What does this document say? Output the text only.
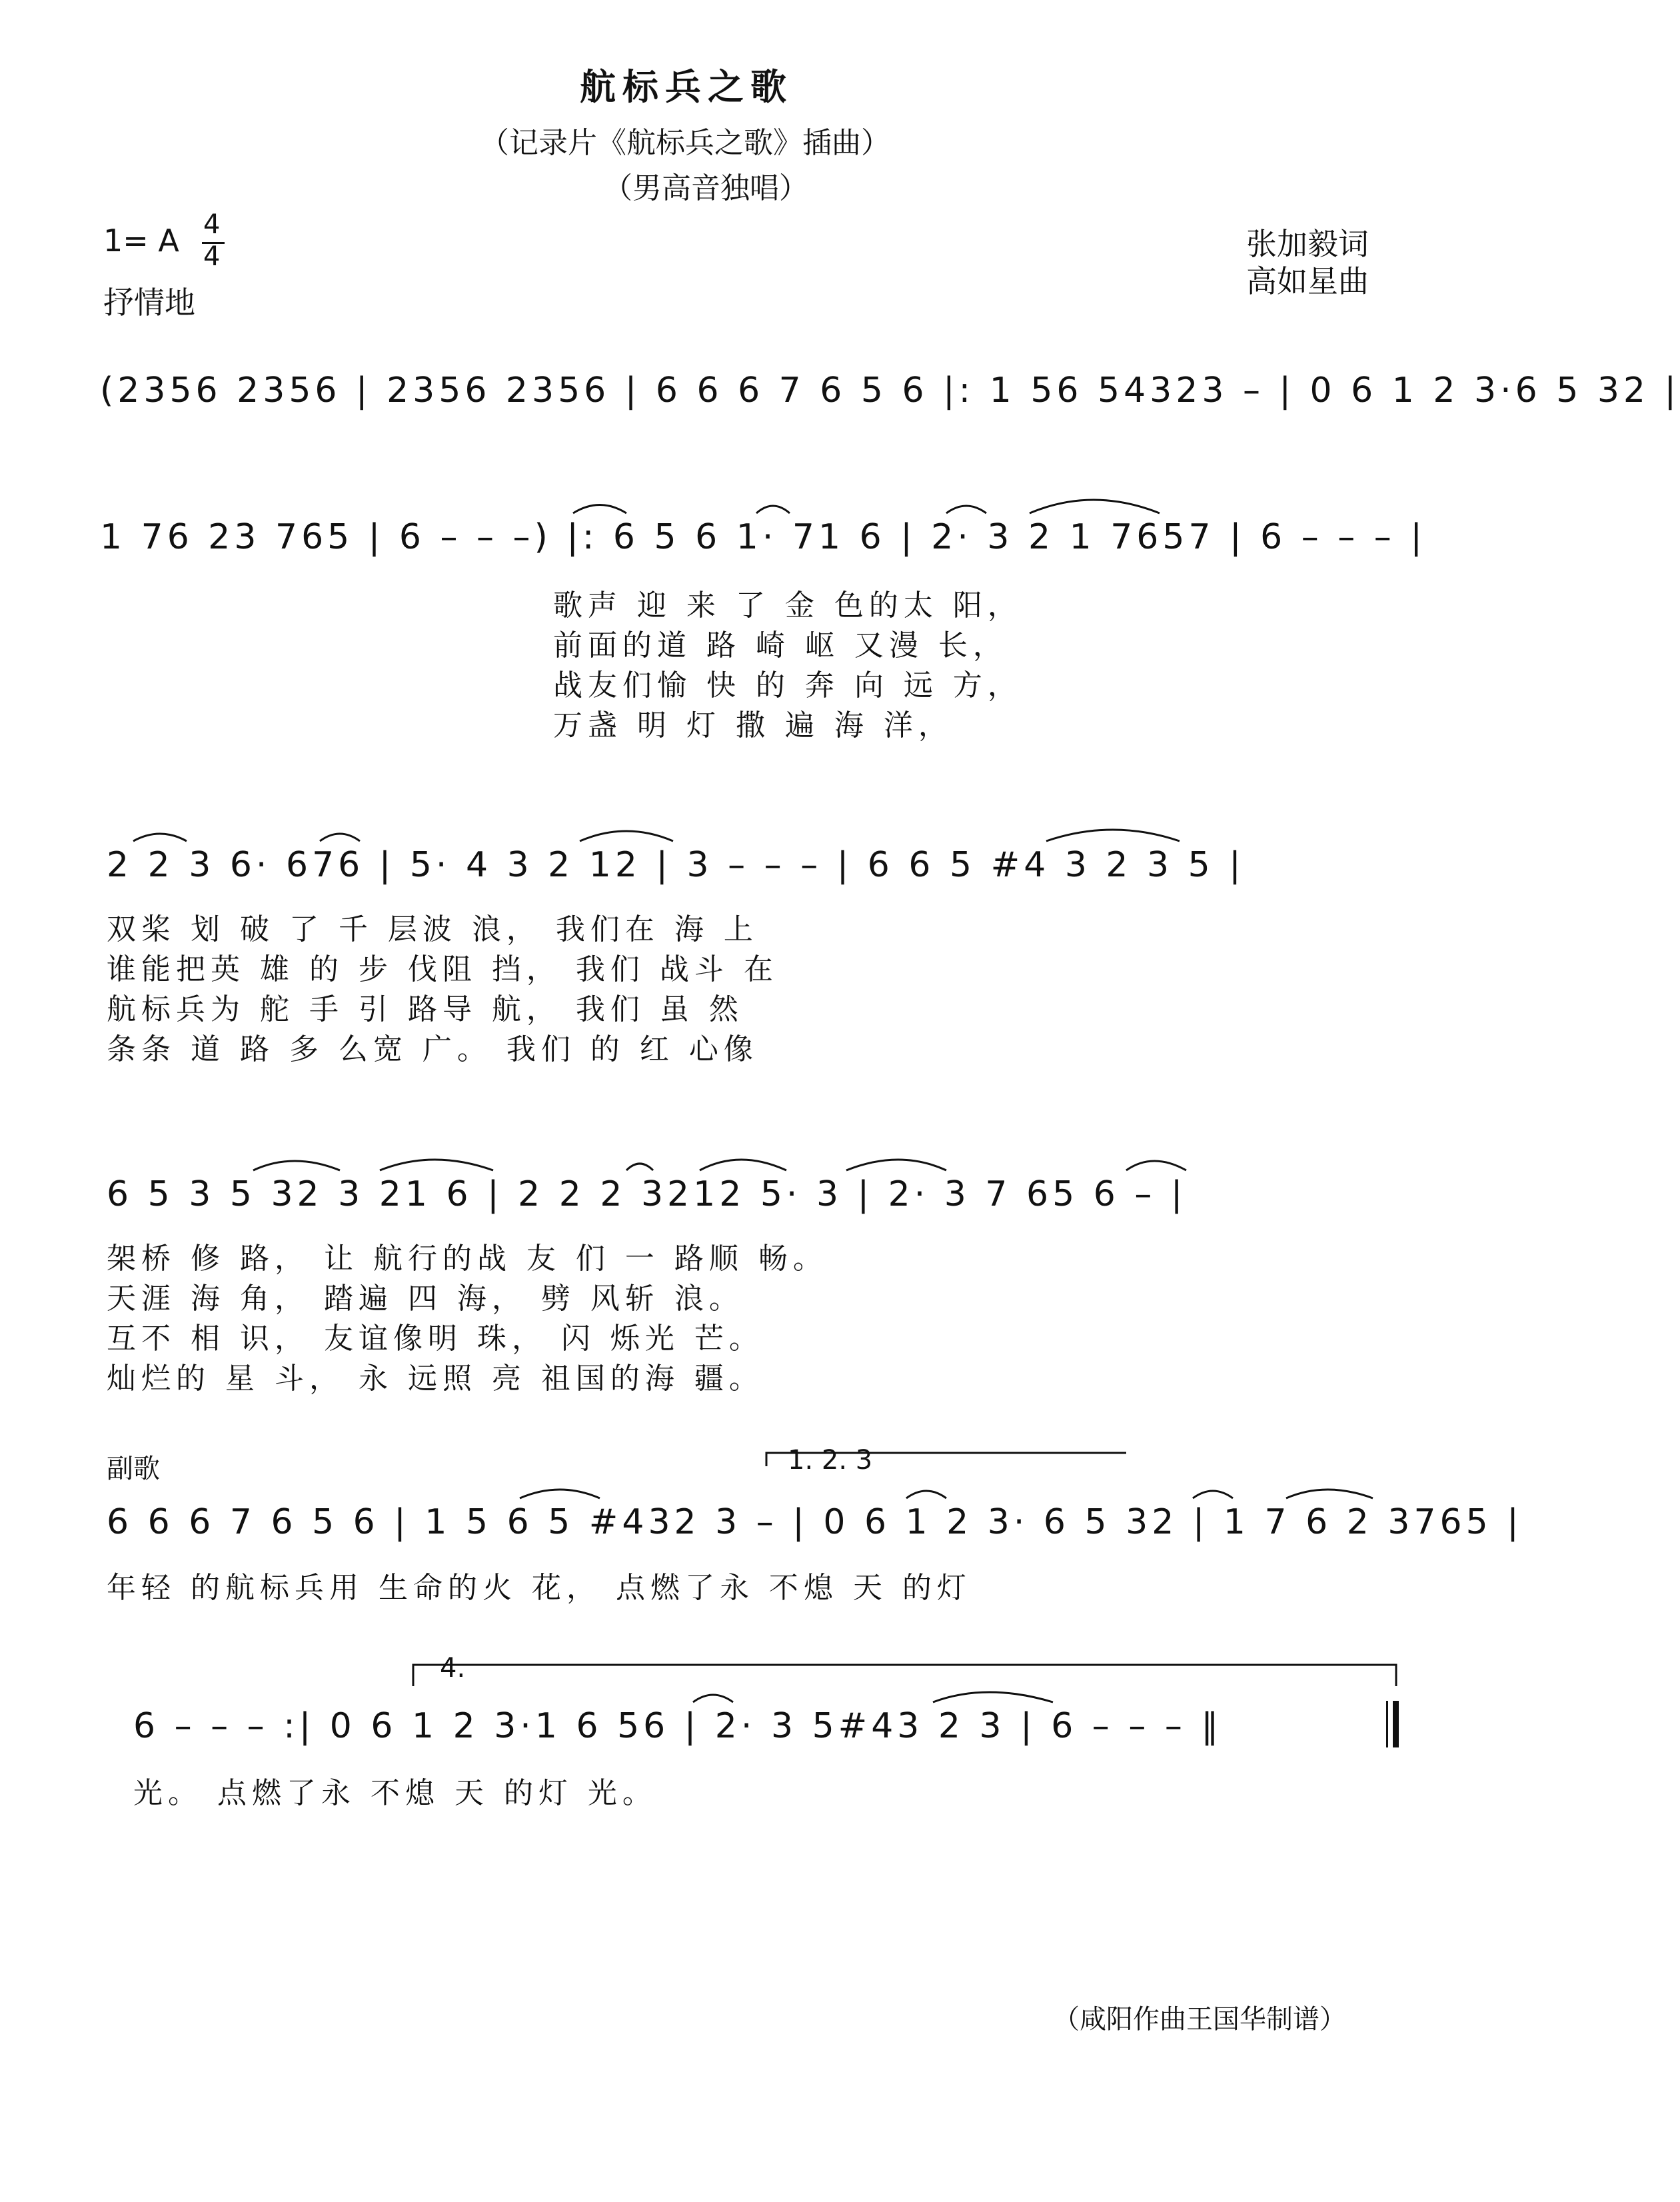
航标兵之歌
（记录片《航标兵之歌》插曲）
（男高音独唱）
1= A 4
4
抒情地
张加毅词
高如星曲
(2356 2356 | 2356 2356 | 6 6 6 7 6 5 6 |: 1 56 54323 – | 0 6 1 2 3·6 5 32 |
1 76 23 765 | 6 – – –) |: 6 5 6 1· 71 6 | 2· 3 2 1 7657 | 6 – – – |
歌声 迎 来 了 金 色的太 阳，
前面的道 路 崎 岖 又漫 长，
战友们愉 快 的 奔 向 远 方，
万盏 明 灯 撒 遍 海 洋，
2 2 3 6· 676 | 5· 4 3 2 12 | 3 – – – | 6 6 5 #4 3 2 3 5 |
双桨 划 破 了 千 层波 浪， 我们在 海 上
谁能把英 雄 的 步 伐阻 挡， 我们 战斗 在
航标兵为 舵 手 引 路导 航， 我们 虽 然
条条 道 路 多 么宽 广。 我们 的 红 心像
6 5 3 5 32 3 21 6 | 2 2 2 3212 5· 3 | 2· 3 7 65 6 – |
架桥 修 路， 让 航行的战 友 们 一 路顺 畅。
天涯 海 角， 踏遍 四 海， 劈 风斩 浪。
互不 相 识， 友谊像明 珠， 闪 烁光 芒。
灿烂的 星 斗， 永 远照 亮 祖国的海 疆。
副歌	1. 2. 3
6 6 6 7 6 5 6 | 1 5 6 5 #432 3 – | 0 6 1 2 3· 6 5 32 | 1 7 6 2 3765 |
年轻 的航标兵用 生命的火 花， 点燃了永 不熄 天 的灯
4.
6 – – – :| 0 6 1 2 3·1 6 56 | 2· 3 5#43 2 3 | 6 – – – ‖
光。 点燃了永 不熄 天 的灯 光。
（咸阳作曲王国华制谱）
